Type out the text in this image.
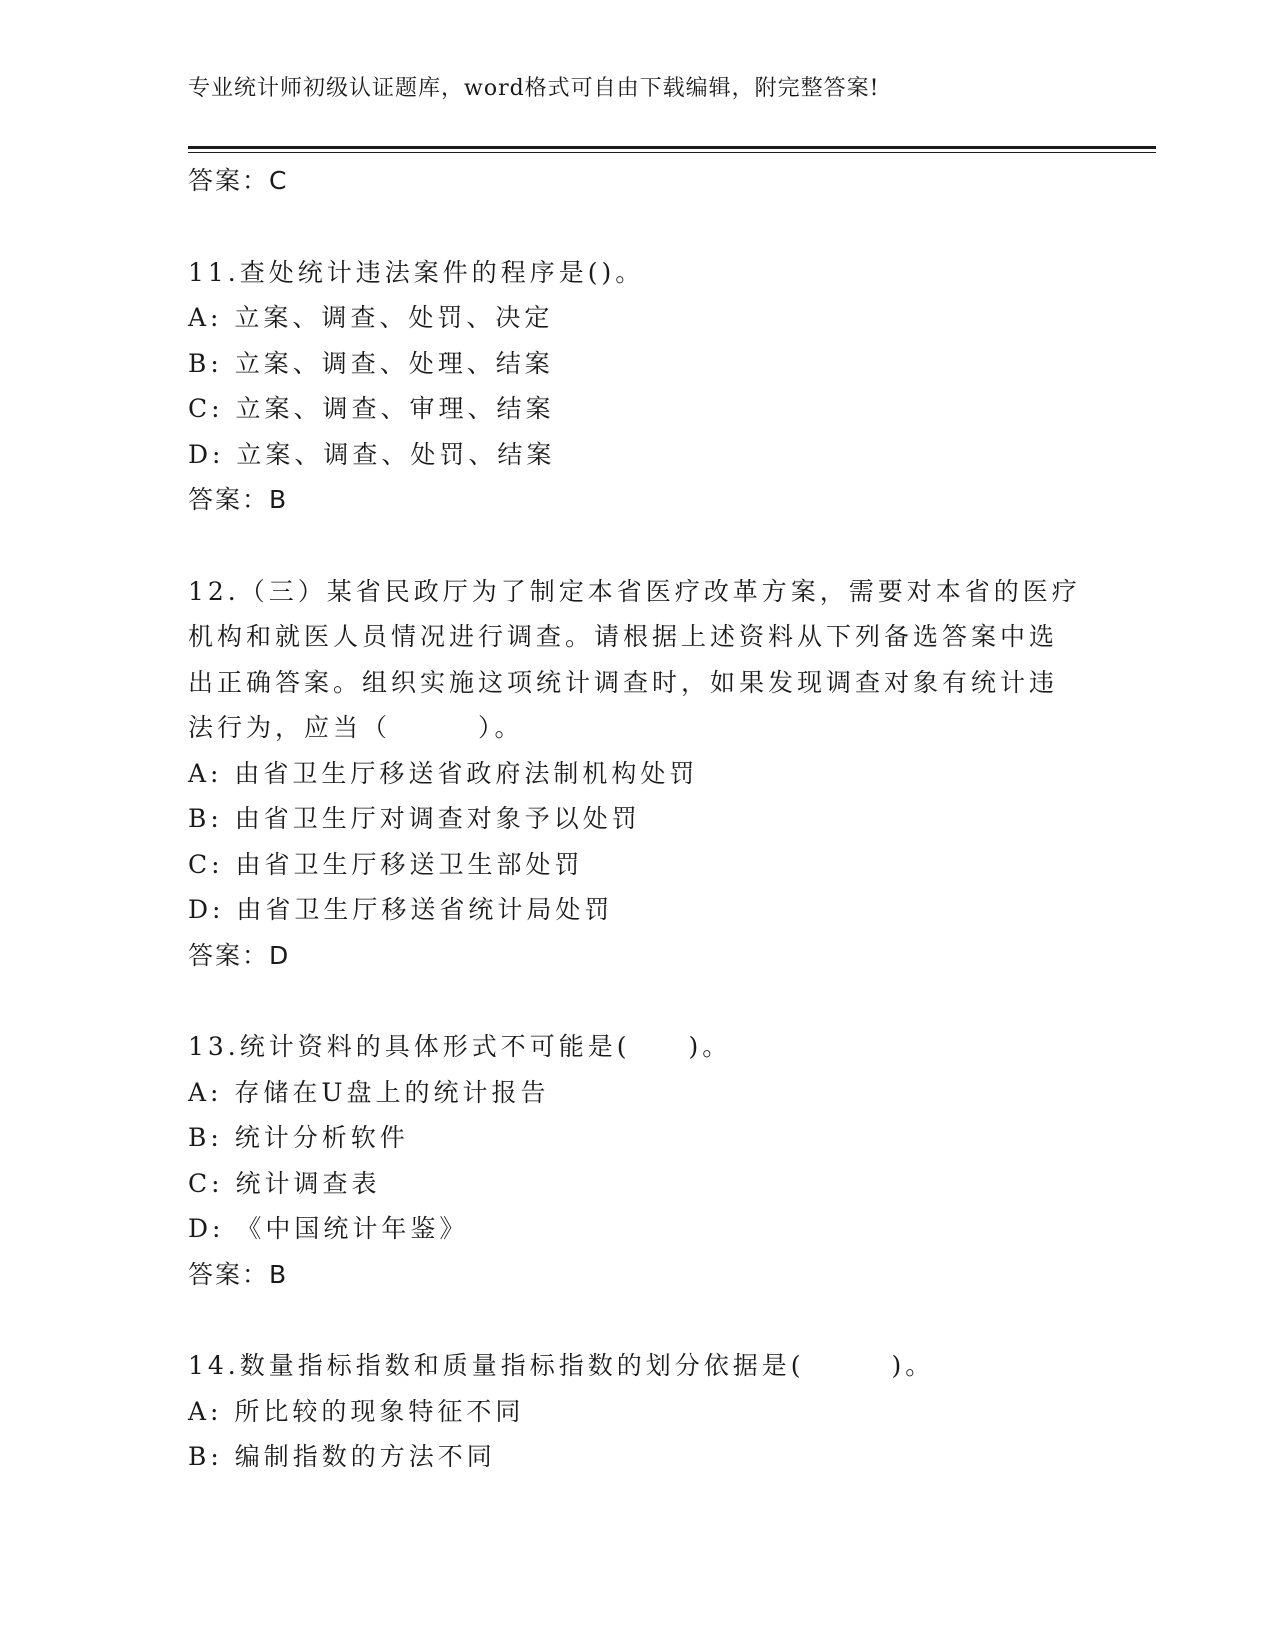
专业统计师初级认证题库，word格式可自由下载编辑，附完整答案!
答案：C
11.查处统计违法案件的程序是()。
A: 立案、调查、处罚、决定
B: 立案、调查、处理、结案
C: 立案、调查、审理、结案
D: 立案、调查、处罚、结案
答案：B
12.（三）某省民政厅为了制定本省医疗改革方案，需要对本省的医疗
机构和就医人员情况进行调查。请根据上述资料从下列备选答案中选
出正确答案。组织实施这项统计调查时，如果发现调查对象有统计违
法行为，应当（　　　）。
A: 由省卫生厅移送省政府法制机构处罚
B: 由省卫生厅对调查对象予以处罚
C: 由省卫生厅移送卫生部处罚
D: 由省卫生厅移送省统计局处罚
答案：D
13.统计资料的具体形式不可能是(　　)。
A: 存储在U盘上的统计报告
B: 统计分析软件
C: 统计调查表
D: 《中国统计年鉴》
答案：B
14.数量指标指数和质量指标指数的划分依据是(　　　)。
A: 所比较的现象特征不同
B: 编制指数的方法不同
